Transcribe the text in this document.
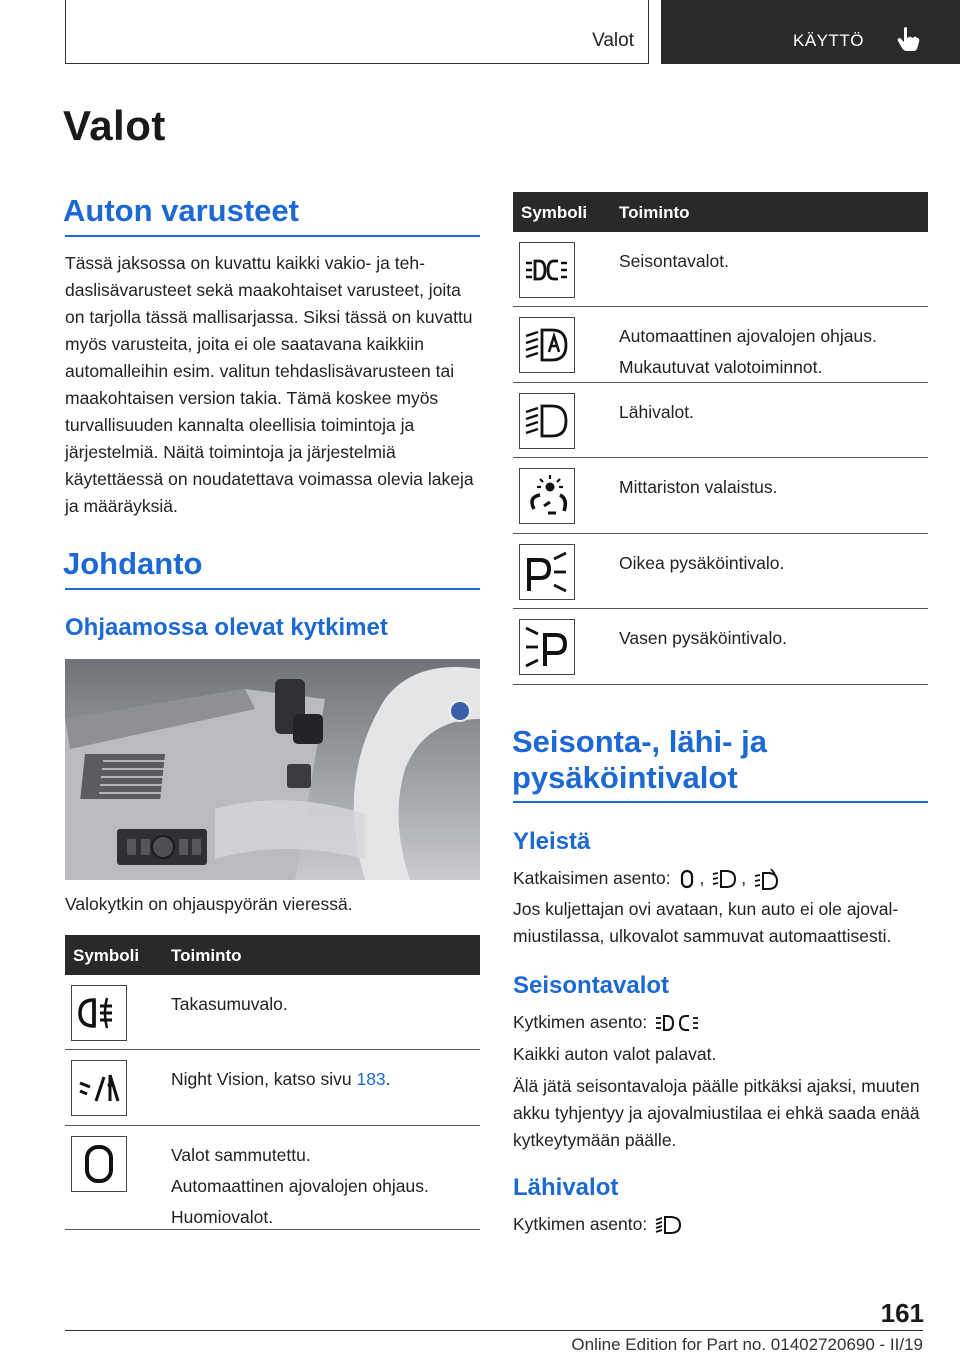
Valot	KÄYTTÖ
Valot
Auton varusteet
Tässä jaksossa on kuvattu kaikki vakio- ja tehdaslisävarusteet sekä maakohtaiset varusteet, joita on tarjolla tässä mallisarjassa. Siksi tässä on kuvattu myös varusteita, joita ei ole saatavana kaikkiin automalleihin esim. valitun tehdaslisävarusteen tai maakohtaisen version takia. Tämä koskee myös turvallisuuden kannalta oleellisia toimintoja ja järjestelmiä. Näitä toimintoja ja järjestelmiä käytettäessä on noudatettava voimassa olevia lakeja ja määräyksiä.
Johdanto
Ohjaamossa olevat kytkimet
Valokytkin on ohjauspyörän vieressä.
Symboli Toiminto
Takasumuvalo.
Night Vision, katso sivu 183.
Valot sammutettu.
Automaattinen ajovalojen ohjaus.
Huomiovalot.
Symboli Toiminto
Seisontavalot.
Automaattinen ajovalojen ohjaus.
Mukautuvat valotoiminnot.
Lähivalot.
Mittariston valaistus.
Oikea pysäköintivalo.
Vasen pysäköintivalo.
Seisonta-, lähi- ja
pysäköintivalot
Yleistä
Katkaisimen asento: , ,
Jos kuljettajan ovi avataan, kun auto ei ole ajovalmiustilassa, ulkovalot sammuvat automaattisesti.
Seisontavalot
Kytkimen asento:
Kaikki auton valot palavat.
Älä jätä seisontavaloja päälle pitkäksi ajaksi, muuten akku tyhjentyy ja ajovalmiustilaa ei ehkä saada enää kytkeytymään päälle.
Lähivalot
Kytkimen asento:
161
Online Edition for Part no. 01402720690 - II/19
